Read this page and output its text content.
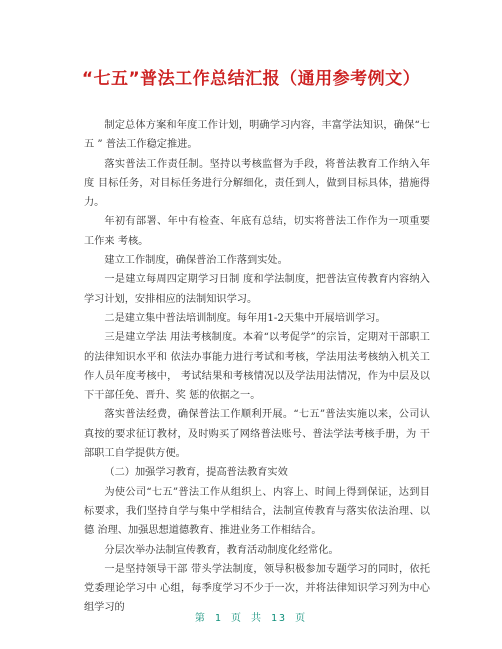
“七五”普法工作总结汇报（通用参考例文）

制定总体方案和年度工作计划，明确学习内容，丰富学法知识，确保“七五 ” 普法工作稳定推进。

落实普法工作责任制。坚持以考核监督为手段，将普法教育工作纳入年度 目标任务，对目标任务进行分解细化，责任到人，做到目标具体，措施得力。

年初有部署、年中有检查、年底有总结，切实将普法工作作为一项重要工作来 考核。

建立工作制度，确保普治工作落到实处。

一是建立每周四定期学习日制 度和学法制度，把普法宣传教育内容纳入学习计划，安排相应的法制知识学习。

二是建立集中普法培训制度。每年用1-2天集中开展培训学习。

三是建立学法 用法考核制度。本着“以考促学”的宗旨，定期对干部职工的法律知识水平和 依法办事能力进行考试和考核，学法用法考核纳入机关工作人员年度考核中， 考试结果和考核情况以及学法用法情况，作为中层及以下干部任免、晋升、奖 惩的依据之一。

落实普法经费，确保普法工作顺利开展。“七五”普法实施以来，公司认 真按的要求征订教材，及时购买了网络普法账号、普法学法考核手册，为 干部职工自学提供方便。

（二）加强学习教育，提高普法教育实效

为使公司“七五”普法工作从组织上、内容上、时间上得到保证，达到目 标要求，我们坚持自学与集中学相结合，法制宣传教育与落实依法治理、以德 治理、加强思想道德教育、推进业务工作相结合。

分层次举办法制宣传教育，教育活动制度化经常化。

一是坚持领导干部 带头学法制度，领导积极参加专题学习的同时，依托党委理论学习中 心组，每季度学习不少于一次，并将法律知识学习列为中心组学习的

第 1 页 共 13 页
